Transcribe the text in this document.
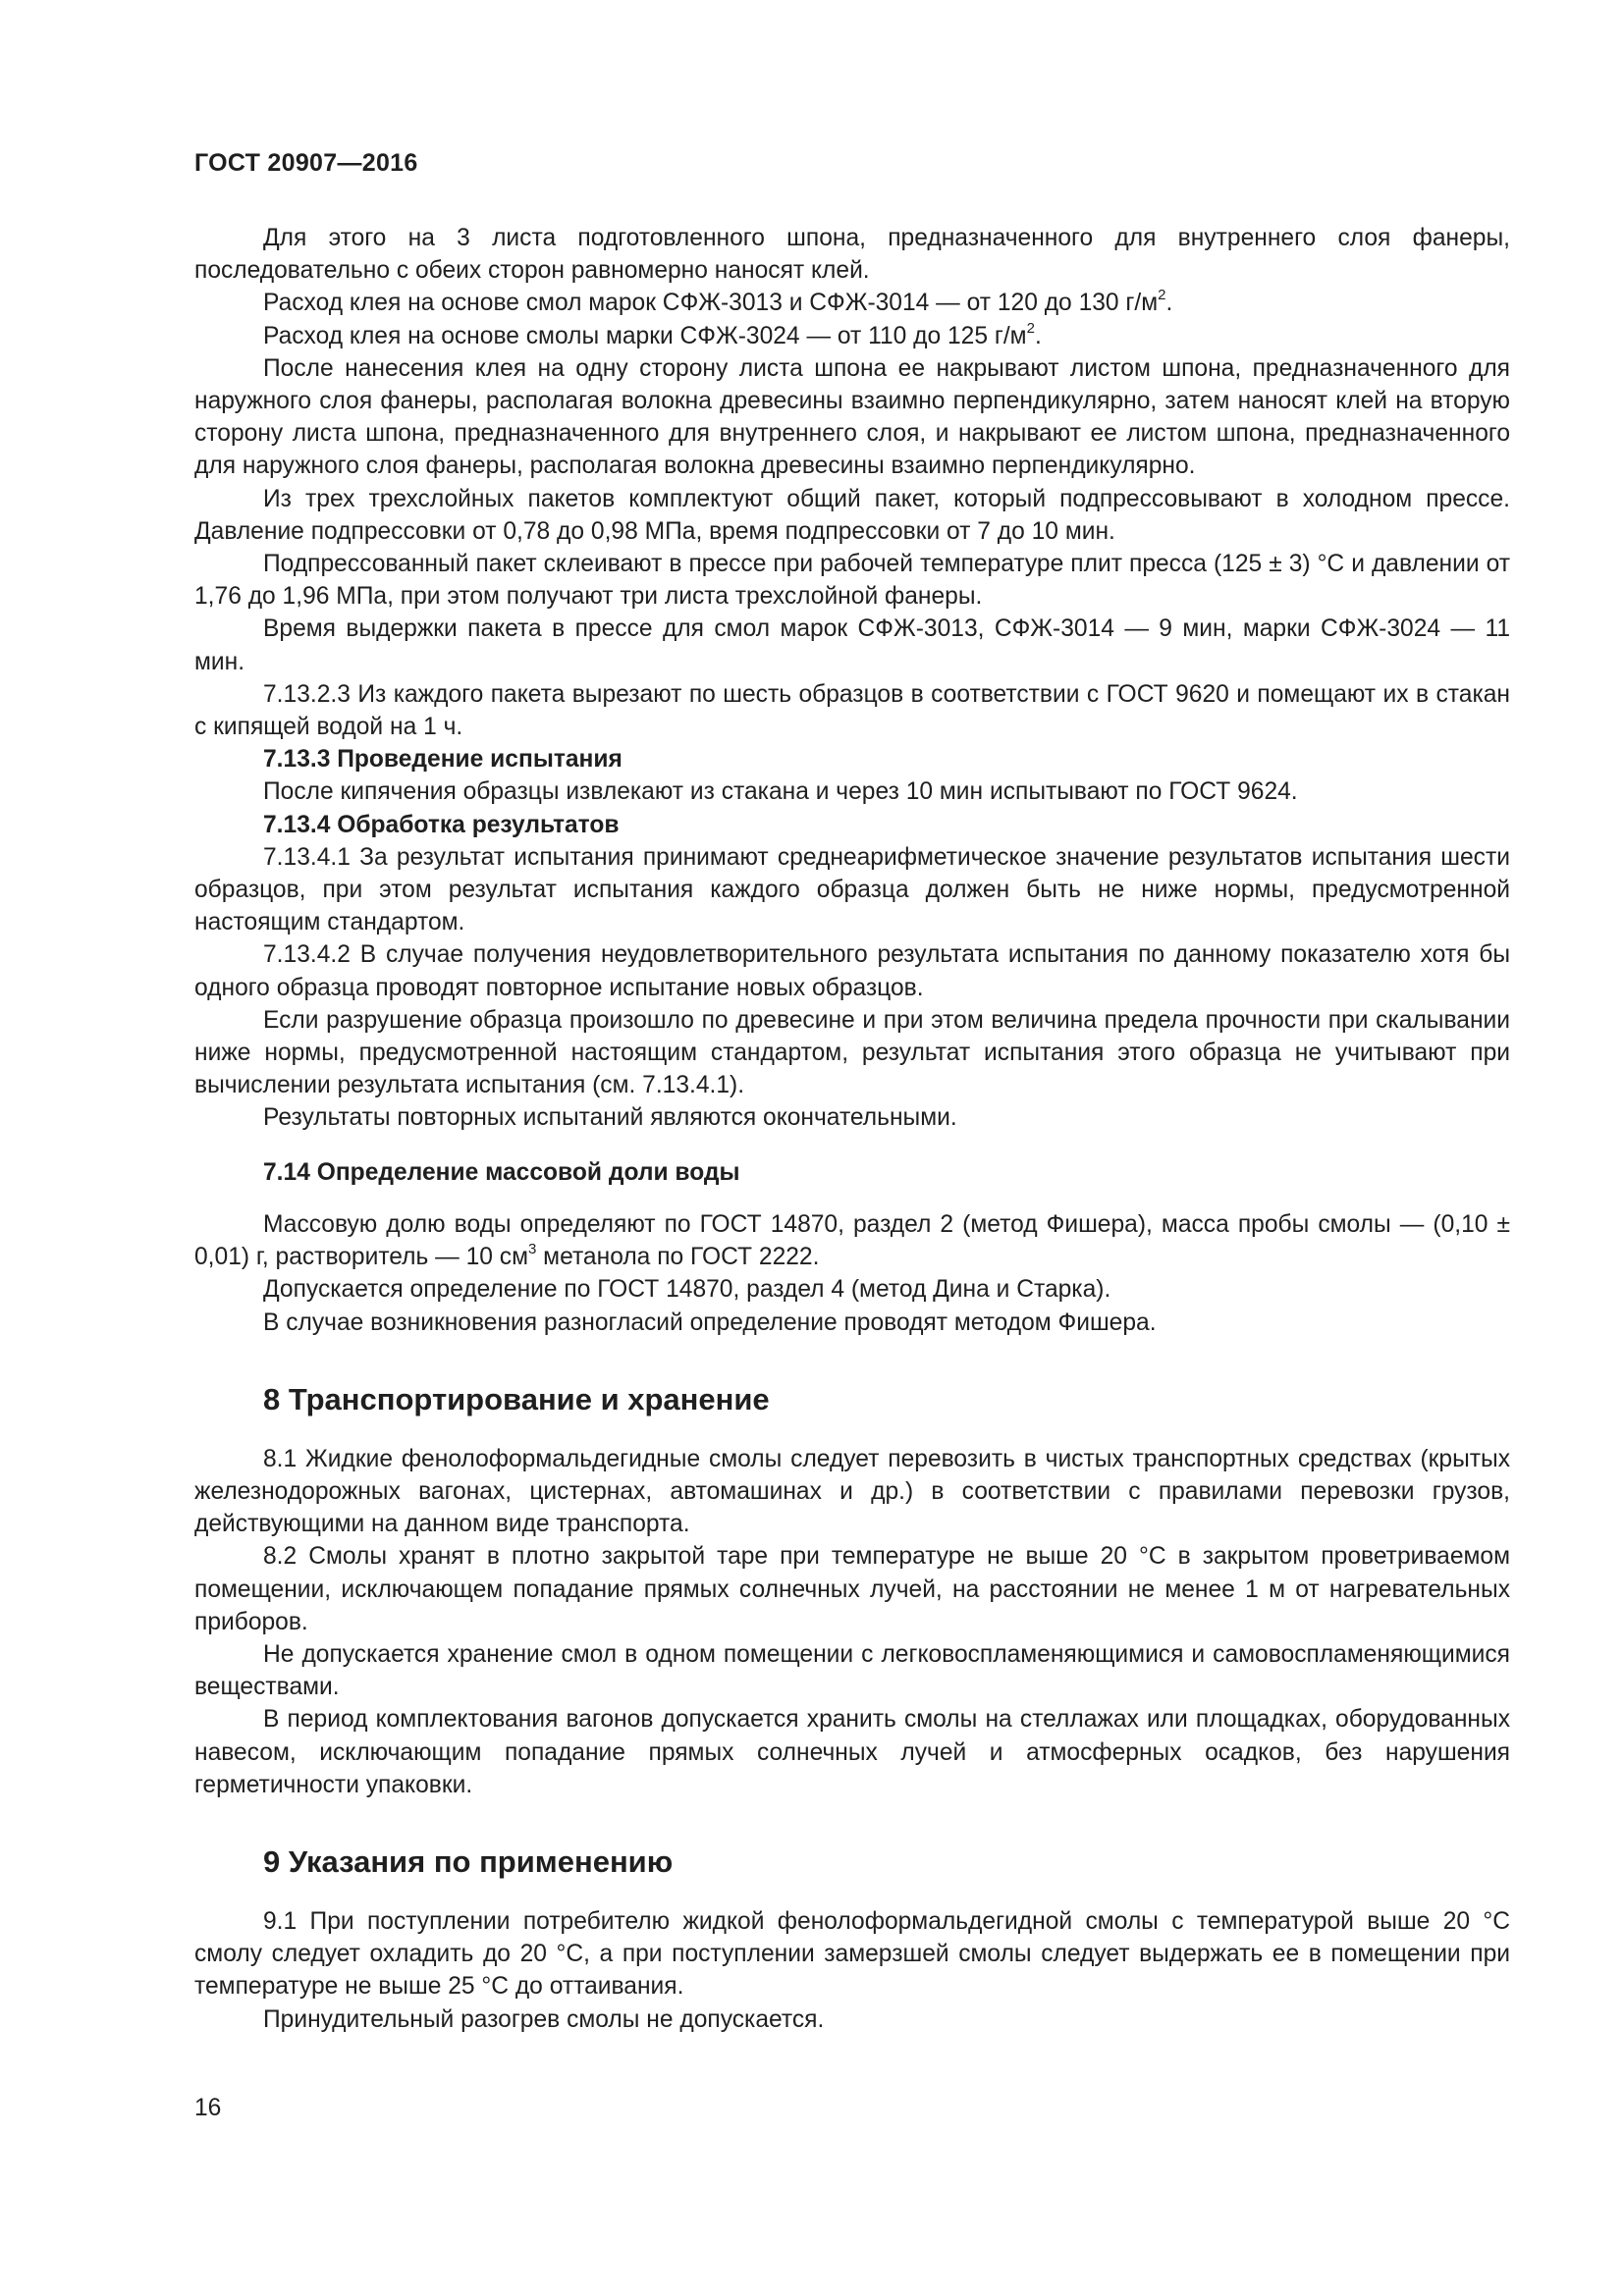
ГОСТ 20907—2016

Для этого на 3 листа подготовленного шпона, предназначенного для внутреннего слоя фанеры, последовательно с обеих сторон равномерно наносят клей.

Расход клея на основе смол марок СФЖ-3013 и СФЖ-3014 — от 120 до 130 $г/м^2$.

Расход клея на основе смолы марки СФЖ-3024 — от 110 до 125 $г/м^2$.

После нанесения клея на одну сторону листа шпона ее накрывают листом шпона, предназначенного для наружного слоя фанеры, располагая волокна древесины взаимно перпендикулярно, затем наносят клей на вторую сторону листа шпона, предназначенного для внутреннего слоя, и накрывают ее листом шпона, предназначенного для наружного слоя фанеры, располагая волокна древесины взаимно перпендикулярно.

Из трех трехслойных пакетов комплектуют общий пакет, который подпрессовывают в холодном прессе. Давление подпрессовки от 0,78 до 0,98 МПа, время подпрессовки от 7 до 10 мин.

Подпрессованный пакет склеивают в прессе при рабочей температуре плит пресса (125 ± 3) °С и давлении от 1,76 до 1,96 МПа, при этом получают три листа трехслойной фанеры.

Время выдержки пакета в прессе для смол марок СФЖ-3013, СФЖ-3014 — 9 мин, марки СФЖ-3024 — 11 мин.

7.13.2.3 Из каждого пакета вырезают по шесть образцов в соответствии с ГОСТ 9620 и помещают их в стакан с кипящей водой на 1 ч.

7.13.3 Проведение испытания

После кипячения образцы извлекают из стакана и через 10 мин испытывают по ГОСТ 9624.

7.13.4 Обработка результатов

7.13.4.1 За результат испытания принимают среднеарифметическое значение результатов испытания шести образцов, при этом результат испытания каждого образца должен быть не ниже нормы, предусмотренной настоящим стандартом.

7.13.4.2 В случае получения неудовлетворительного результата испытания по данному показателю хотя бы одного образца проводят повторное испытание новых образцов.

Если разрушение образца произошло по древесине и при этом величина предела прочности при скалывании ниже нормы, предусмотренной настоящим стандартом, результат испытания этого образца не учитывают при вычислении результата испытания (см. 7.13.4.1).

Результаты повторных испытаний являются окончательными.

7.14 Определение массовой доли воды

Массовую долю воды определяют по ГОСТ 14870, раздел 2 (метод Фишера), масса пробы смолы — (0,10 ± 0,01) г, растворитель — 10 $см^3$ метанола по ГОСТ 2222.

Допускается определение по ГОСТ 14870, раздел 4 (метод Дина и Старка).

В случае возникновения разногласий определение проводят методом Фишера.

8 Транспортирование и хранение

8.1 Жидкие фенолоформальдегидные смолы следует перевозить в чистых транспортных средствах (крытых железнодорожных вагонах, цистернах, автомашинах и др.) в соответствии с правилами перевозки грузов, действующими на данном виде транспорта.

8.2 Смолы хранят в плотно закрытой таре при температуре не выше 20 °С в закрытом проветриваемом помещении, исключающем попадание прямых солнечных лучей, на расстоянии не менее 1 м от нагревательных приборов.

Не допускается хранение смол в одном помещении с легковоспламеняющимися и самовоспламеняющимися веществами.

В период комплектования вагонов допускается хранить смолы на стеллажах или площадках, оборудованных навесом, исключающим попадание прямых солнечных лучей и атмосферных осадков, без нарушения герметичности упаковки.

9 Указания по применению

9.1 При поступлении потребителю жидкой фенолоформальдегидной смолы с температурой выше 20 °С смолу следует охладить до 20 °С, а при поступлении замерзшей смолы следует выдержать ее в помещении при температуре не выше 25 °С до оттаивания.

Принудительный разогрев смолы не допускается.

16
